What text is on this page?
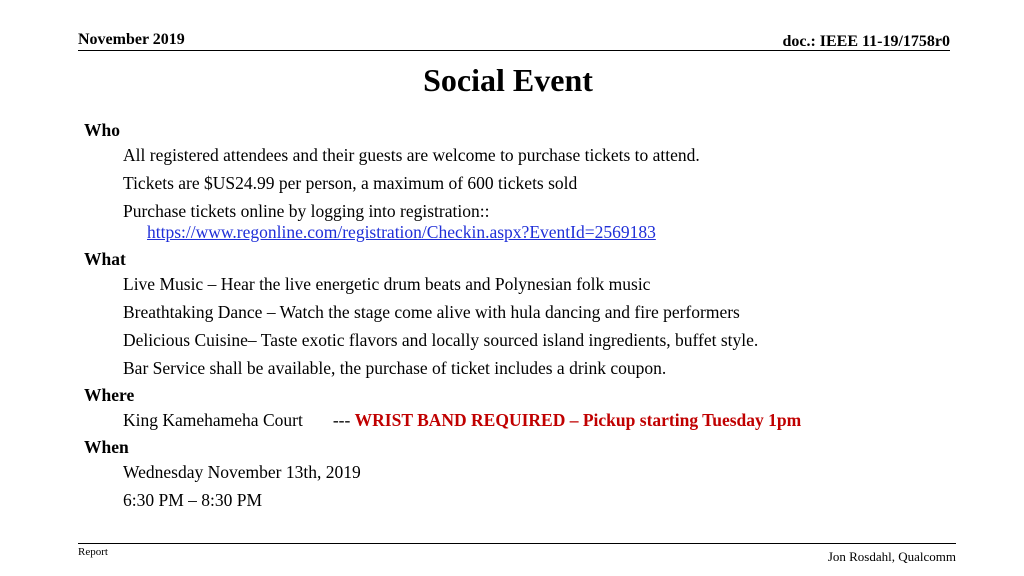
November 2019	doc.: IEEE 11-19/1758r0
Social Event
Who
All registered attendees and their guests are welcome to purchase tickets to attend.
Tickets are $US24.99 per person, a maximum of 600 tickets sold
Purchase tickets online by logging into registration::
https://www.regonline.com/registration/Checkin.aspx?EventId=2569183
What
Live Music – Hear the live energetic drum beats and Polynesian folk music
Breathtaking Dance – Watch the stage come alive with hula dancing and fire performers
Delicious Cuisine– Taste exotic flavors and locally sourced island ingredients, buffet style.
Bar Service shall be available, the purchase of ticket includes a drink coupon.
Where
King Kamehameha Court --- WRIST BAND REQUIRED – Pickup starting Tuesday 1pm
When
Wednesday November 13th, 2019
6:30 PM – 8:30 PM
Report	Jon Rosdahl, Qualcomm
